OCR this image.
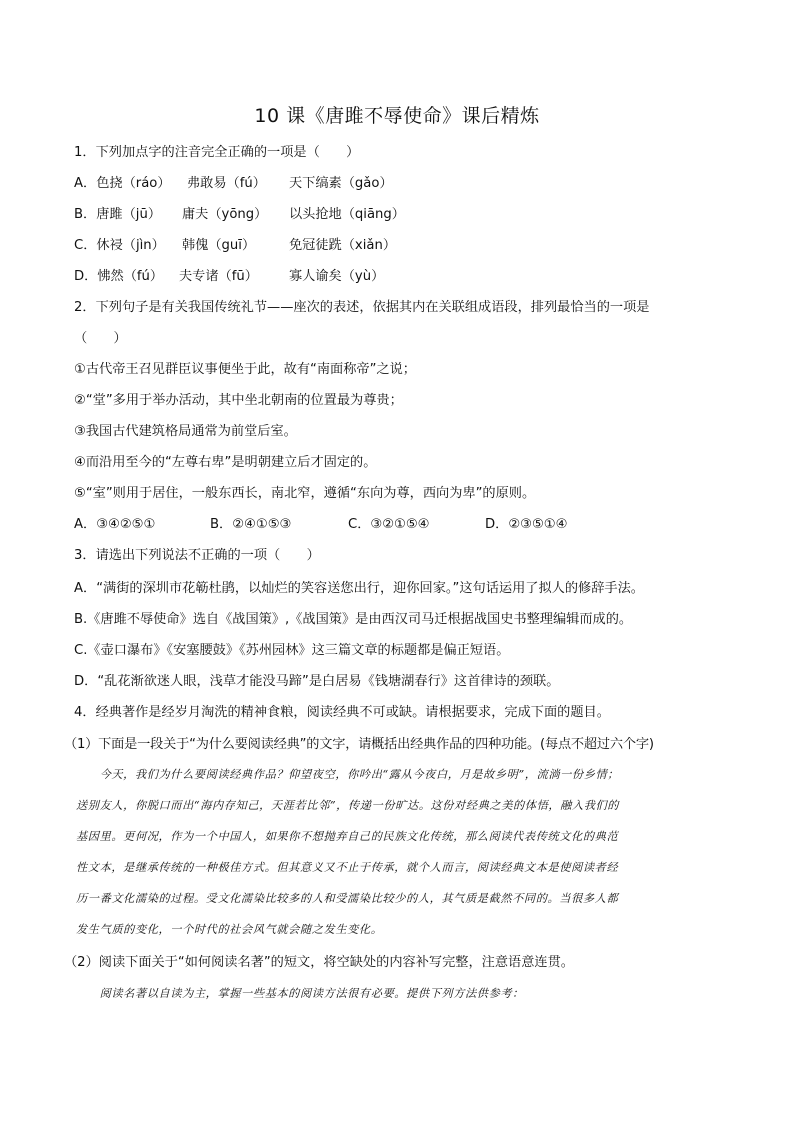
10 课《唐雎不辱使命》课后精炼
1．下列加点字的注音完全正确的一项是（　　）
A．色挠（ráo） 弗敢易（fú） 天下缟素（gǎo）
B．唐雎（jū） 庸夫（yōng） 以头抢地（qiāng）
C．休祲（jìn） 韩傀（guī）	免冠徒跣（xiǎn）
D．怫然（fú） 夫专诸（fū） 寡人谕矣（yù）
2．下列句子是有关我国传统礼节——座次的表述，依据其内在关联组成语段，排列最恰当的一项是
（　　）
①古代帝王召见群臣议事便坐于此，故有“南面称帝”之说；
②“堂”多用于举办活动，其中坐北朝南的位置最为尊贵；
③我国古代建筑格局通常为前堂后室。
④而沿用至今的“左尊右卑”是明朝建立后才固定的。
⑤“室”则用于居住，一般东西长，南北窄，遵循“东向为尊，西向为卑”的原则。
A．③④②⑤①	B．②④①⑤③	C．③②①⑤④	D．②③⑤①④
3．请选出下列说法不正确的一项（　　）
A．“满街的深圳市花簕杜鹃，以灿烂的笑容送您出行，迎你回家。”这句话运用了拟人的修辞手法。
B.《唐雎不辱使命》选自《战国策》,《战国策》是由西汉司马迁根据战国史书整理编辑而成的。
C.《壶口瀑布》《安塞腰鼓》《苏州园林》这三篇文章的标题都是偏正短语。
D．“乱花渐欲迷人眼，浅草才能没马蹄”是白居易《钱塘湖春行》这首律诗的颈联。
4．经典著作是经岁月淘洗的精神食粮，阅读经典不可或缺。请根据要求，完成下面的题目。
（1）下面是一段关于“为什么要阅读经典”的文字，请概括出经典作品的四种功能。(每点不超过六个字)
　　今天，我们为什么要阅读经典作品？仰望夜空，你吟出“露从今夜白，月是故乡明”，流淌一份乡情；
送别友人，你脱口而出“海内存知己，天涯若比邻”，传递一份旷达。这份对经典之美的体悟，融入我们的
基因里。更何况，作为一个中国人，如果你不想抛弃自己的民族文化传统，那么阅读代表传统文化的典范
性文本，是继承传统的一种极佳方式。但其意义又不止于传承，就个人而言，阅读经典文本是使阅读者经
历一番文化濡染的过程。受文化濡染比较多的人和受濡染比较少的人，其气质是截然不同的。当很多人都
发生气质的变化，一个时代的社会风气就会随之发生变化。
（2）阅读下面关于“如何阅读名著”的短文，将空缺处的内容补写完整，注意语意连贯。
　　阅读名著以自读为主，掌握一些基本的阅读方法很有必要。提供下列方法供参考：
